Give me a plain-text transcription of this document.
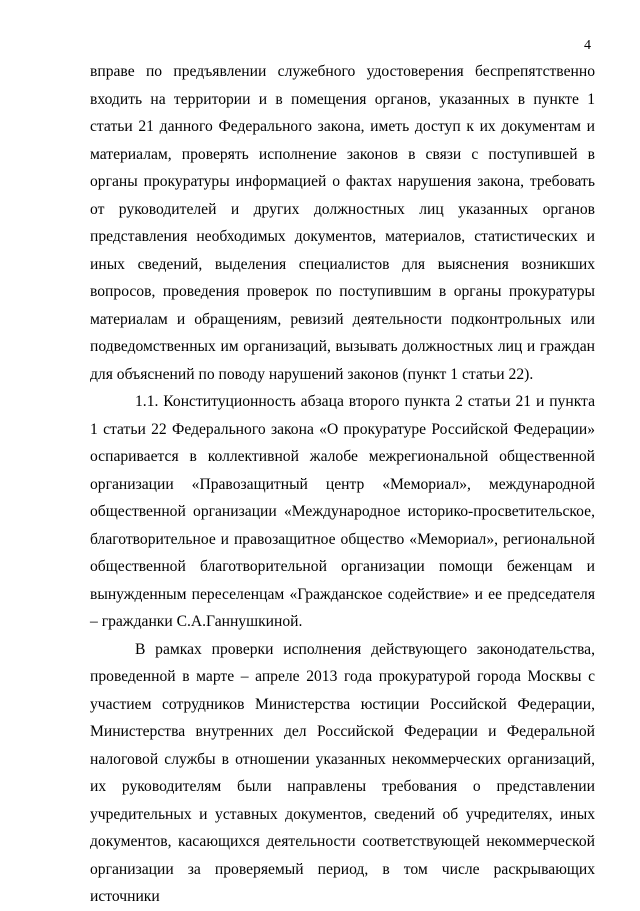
4

вправе по предъявлении служебного удостоверения беспрепятственно входить на территории и в помещения органов, указанных в пункте 1 статьи 21 данного Федерального закона, иметь доступ к их документам и материалам, проверять исполнение законов в связи с поступившей в органы прокуратуры информацией о фактах нарушения закона, требовать от руководителей и других должностных лиц указанных органов представления необходимых документов, материалов, статистических и иных сведений, выделения специалистов для выяснения возникших вопросов, проведения проверок по поступившим в органы прокуратуры материалам и обращениям, ревизий деятельности подконтрольных или подведомственных им организаций, вызывать должностных лиц и граждан для объяснений по поводу нарушений законов (пункт 1 статьи 22).

1.1. Конституционность абзаца второго пункта 2 статьи 21 и пункта 1 статьи 22 Федерального закона «О прокуратуре Российской Федерации» оспаривается в коллективной жалобе межрегиональной общественной организации «Правозащитный центр «Мемориал», международной общественной организации «Международное историко-просветительское, благотворительное и правозащитное общество «Мемориал», региональной общественной благотворительной организации помощи беженцам и вынужденным переселенцам «Гражданское содействие» и ее председателя – гражданки С.А.Ганнушкиной.

В рамках проверки исполнения действующего законодательства, проведенной в марте – апреле 2013 года прокуратурой города Москвы с участием сотрудников Министерства юстиции Российской Федерации, Министерства внутренних дел Российской Федерации и Федеральной налоговой службы в отношении указанных некоммерческих организаций, их руководителям были направлены требования о представлении учредительных и уставных документов, сведений об учредителях, иных документов, касающихся деятельности соответствующей некоммерческой организации за проверяемый период, в том числе раскрывающих источники
